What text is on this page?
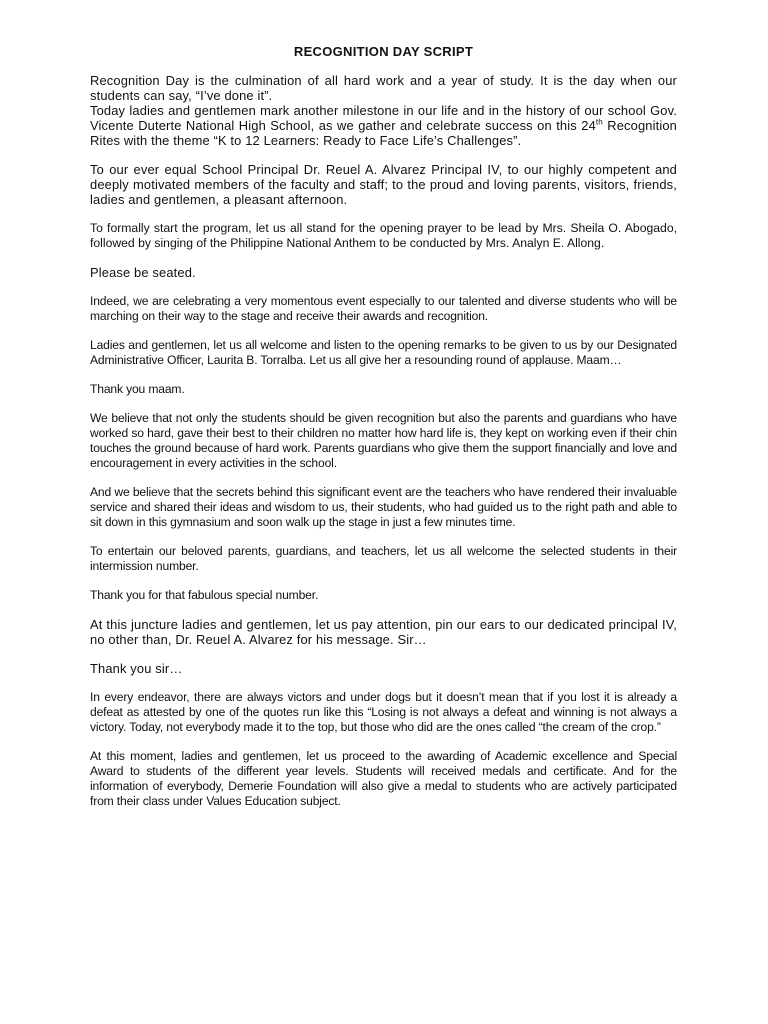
RECOGNITION DAY SCRIPT

Recognition Day is the culmination of all hard work and a year of study. It is the day when our students can say, “I’ve done it”.

Today ladies and gentlemen mark another milestone in our life and in the history of our school Gov. Vicente Duterte National High School, as we gather and celebrate success on this 24th Recognition Rites with the theme “K to 12 Learners: Ready to Face Life’s Challenges”.

To our ever equal School Principal Dr. Reuel A. Alvarez Principal IV, to our highly competent and deeply motivated members of the faculty and staff; to the proud and loving parents, visitors, friends, ladies and gentlemen, a pleasant afternoon.

To formally start the program, let us all stand for the opening prayer to be lead by Mrs. Sheila O. Abogado, followed by singing of the Philippine National Anthem to be conducted by Mrs. Analyn E. Allong.

Please be seated.

Indeed, we are celebrating a very momentous event especially to our talented and diverse students who will be marching on their way to the stage and receive their awards and recognition.

Ladies and gentlemen, let us all welcome and listen to the opening remarks to be given to us by our Designated Administrative Officer, Laurita B. Torralba. Let us all give her a resounding round of applause. Maam…

Thank you maam.

We believe that not only the students should be given recognition but also the parents and guardians who have worked so hard, gave their best to their children no matter how hard life is, they kept on working even if their chin touches the ground because of hard work. Parents guardians who give them the support financially and love and encouragement in every activities in the school.

And we believe that the secrets behind this significant event are the teachers who have rendered their invaluable service and shared their ideas and wisdom to us, their students, who had guided us to the right path and able to sit down in this gymnasium and soon walk up the stage in just a few minutes time.

To entertain our beloved parents, guardians, and teachers, let us all welcome the selected students in their intermission number.

Thank you for that fabulous special number.

At this juncture ladies and gentlemen, let us pay attention, pin our ears to our dedicated principal IV, no other than, Dr. Reuel A. Alvarez for his message. Sir…

Thank you sir…

In every endeavor, there are always victors and under dogs but it doesn’t mean that if you lost it is already a defeat as attested by one of the quotes run like this “Losing is not always a defeat and winning is not always a victory. Today, not everybody made it to the top, but those who did are the ones called “the cream of the crop.”

At this moment, ladies and gentlemen, let us proceed to the awarding of Academic excellence and Special Award to students of the different year levels. Students will received medals and certificate. And for the information of everybody, Demerie Foundation will also give a medal to students who are actively participated from their class under Values Education subject.
